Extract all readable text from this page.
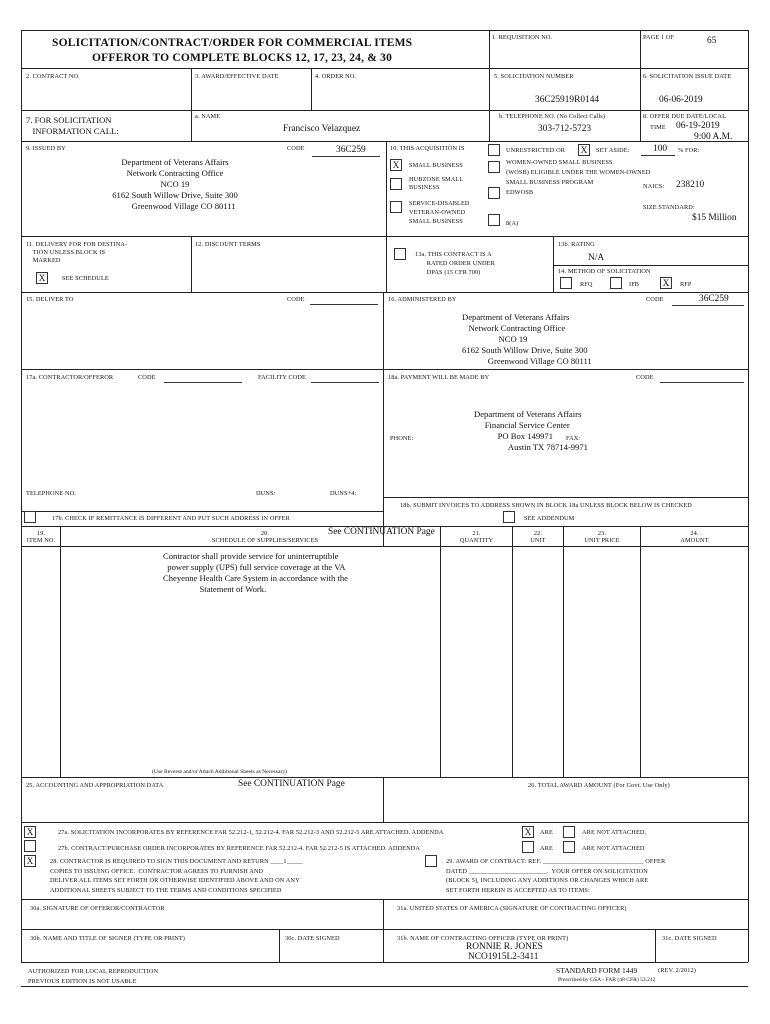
SOLICITATION/CONTRACT/ORDER FOR COMMERCIAL ITEMS
OFFEROR TO COMPLETE BLOCKS 12, 17, 23, 24, & 30
1. REQUISITION NO.	PAGE 1 OF	65
2. CONTRACT NO.	3. AWARD/EFFECTIVE DATE	4. ORDER NO.	5. SOLICITATION NUMBER
36C25919R0144
6. SOLICITATION ISSUE DATE
06-06-2019
7. FOR SOLICITATION
INFORMATION CALL:
a. NAME
Francisco Velazquez
b. TELEPHONE NO. (No Collect Calls)
303-712-5723
8. OFFER DUE DATE/LOCAL
TIME 06-19-2019
9:00 A.M.
9. ISSUED BY	CODE	36C259
Department of Veterans Affairs
Network Contracting Office
NCO 19
6162 South Willow Drive, Suite 300
Greenwood Village CO 80111
10. THIS ACQUISITION IS	UNRESTRICTED OR	X	SET ASIDE: 100 % FOR:
X	SMALL BUSINESS
HUBZONE SMALL
BUSINESS
SERVICE-DISABLED
VETERAN-OWNED
SMALL BUSINESS
WOMEN-OWNED SMALL BUSINESS
(WOSB) ELIGIBLE UNDER THE WOMEN-OWNED
SMALL BUSINESS PROGRAM
EDWOSB
8(A)
NAICS: 238210
SIZE STANDARD:
$15 Million
11. DELIVERY FOR FOB DESTINA-
TION UNLESS BLOCK IS
MARKED
X	SEE SCHEDULE
12. DISCOUNT TERMS
13a. THIS CONTRACT IS A
RATED ORDER UNDER
DPAS (15 CFR 700)
13b. RATING
N/A
14. METHOD OF SOLICITATION
RFQ	IFB	X	RFP
15. DELIVER TO	CODE	16. ADMINISTERED BY	CODE	36C259
Department of Veterans Affairs
Network Contracting Office
NCO 19
6162 South Willow Drive, Suite 300
Greenwood Village CO 80111
17a. CONTRACTOR/OFFEROR	CODE	FACILITY CODE
TELEPHONE NO.	DUNS:	DUNS+4:
17b. CHECK IF REMITTANCE IS DIFFERENT AND PUT SUCH ADDRESS IN OFFER
18a. PAYMENT WILL BE MADE BY	CODE
Department of Veterans Affairs
Financial Service Center
PO Box 149971
Austin TX 78714-9971
PHONE:	FAX:
18b. SUBMIT INVOICES TO ADDRESS SHOWN IN BLOCK 18a UNLESS BLOCK BELOW IS CHECKED
SEE ADDENDUM
19.
ITEM NO.
20.
SCHEDULE OF SUPPLIES/SERVICES
See CONTINUATION Page	21.
QUANTITY
22.
UNIT
23.
UNIT PRICE
24.
AMOUNT
Contractor shall provide service for uninterruptible
power supply (UPS) full service coverage at the VA
Cheyenne Health Care System in accordance with the
Statement of Work.
(Use Reverse and/or Attach Additional Sheets as Necessary)
25. ACCOUNTING AND APPROPRIATION DATA	See CONTINUATION Page	26. TOTAL AWARD AMOUNT (For Govt. Use Only)
X	27a. SOLICITATION INCORPORATES BY REFERENCE FAR 52.212-1, 52.212-4. FAR 52.212-3 AND 52.212-5 ARE ATTACHED. ADDENDA	X	ARE	ARE NOT ATTACHED.
27b. CONTRACT/PURCHASE ORDER INCORPORATES BY REFERENCE FAR 52.212-4. FAR 52.212-5 IS ATTACHED. ADDENDA	ARE	ARE NOT ATTACHED
X	28. CONTRACTOR IS REQUIRED TO SIGN THIS DOCUMENT AND RETURN ____1_____
COPIES TO ISSUING OFFICE.  CONTRACTOR AGREES TO FURNISH AND
DELIVER ALL ITEMS SET FORTH OR OTHERWISE IDENTIFIED ABOVE AND ON ANY
ADDITIONAL SHEETS SUBJECT TO THE TERMS AND CONDITIONS SPECIFIED
29. AWARD OF CONTRACT: REF. _______________________________ OFFER
DATED ________________________.  YOUR OFFER ON SOLICITATION
(BLOCK 5), INCLUDING ANY ADDITIONS OR CHANGES WHICH ARE
SET FORTH HEREIN IS ACCEPTED AS TO ITEMS:
30a. SIGNATURE OF OFFEROR/CONTRACTOR	31a. UNITED STATES OF AMERICA (SIGNATURE OF CONTRACTING OFFICER)
30b. NAME AND TITLE OF SIGNER (TYPE OR PRINT)	30c. DATE SIGNED	31b. NAME OF CONTRACTING OFFICER (TYPE OR PRINT)
RONNIE R. JONES
NCO1915L2-3411
31c. DATE SIGNED
AUTHORIZED FOR LOCAL REPRODUCTION
PREVIOUS EDITION IS NOT USABLE
STANDARD FORM 1449	(REV. 2/2012)
Prescribed by GSA - FAR (48 CFR) 53.212
